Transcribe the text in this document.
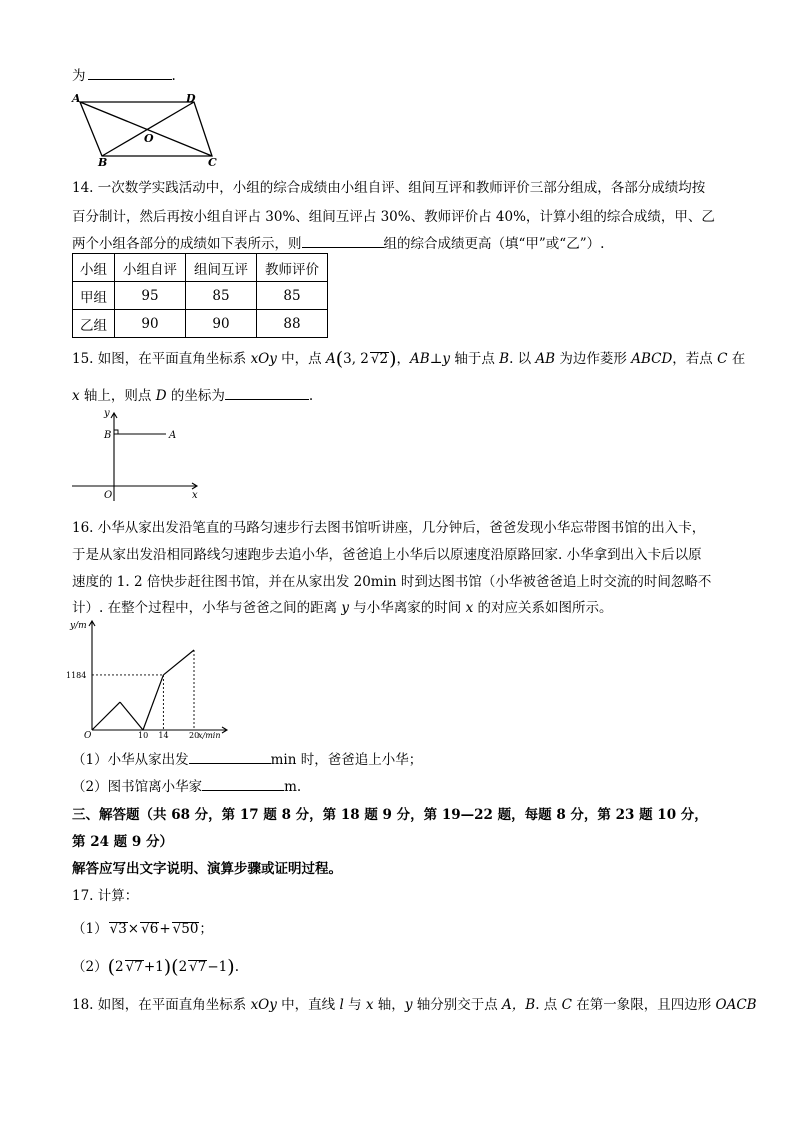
为	.
A	D
O
B	C
14. 一次数学实践活动中，小组的综合成绩由小组自评、组间互评和教师评价三部分组成，各部分成绩均按
百分制计，然后再按小组自评占 30%、组间互评占 30%、教师评价占 40%，计算小组的综合成绩，甲、乙
两个小组各部分的成绩如下表所示，则	组的综合成绩更高（填“甲”或“乙”）.
小组	小组自评	组间互评	教师评价
甲组	95	85	85
乙组	90	90	88
15. 如图，在平面直角坐标系 xOy 中，点 A(3, 2 √ 2)，AB⊥y 轴于点 B. 以 AB 为边作菱形 ABCD，若点 C 在
x 轴上，则点 D 的坐标为	.
y
B	A
O	x
16. 小华从家出发沿笔直的马路匀速步行去图书馆听讲座，几分钟后，爸爸发现小华忘带图书馆的出入卡，
于是从家出发沿相同路线匀速跑步去追小华，爸爸追上小华后以原速度沿原路回家. 小华拿到出入卡后以原
速度的 1. 2 倍快步赶往图书馆，并在从家出发 20min 时到达图书馆（小华被爸爸追上时交流的时间忽略不
计）. 在整个过程中，小华与爸爸之间的距离 y 与小华离家的时间 x 的对应关系如图所示。
10 14	20
1184
y/m
x/min
O
（1）小华从家出发	min 时，爸爸追上小华；
（2）图书馆离小华家	m.
三、解答题（共 68 分，第 17 题 8 分，第 18 题 9 分，第 19—22 题，每题 8 分，第 23 题 10 分，
第 24 题 9 分）
解答应写出文字说明、演算步骤或证明过程。
17. 计算：
（1） √ 3× √ 6+ √ 50；
（2）(2 √ 7+1)(2 √ 7−1).
18. 如图，在平面直角坐标系 xOy 中，直线 l 与 x 轴，y 轴分别交于点 A，B. 点 C 在第一象限，且四边形 OACB
